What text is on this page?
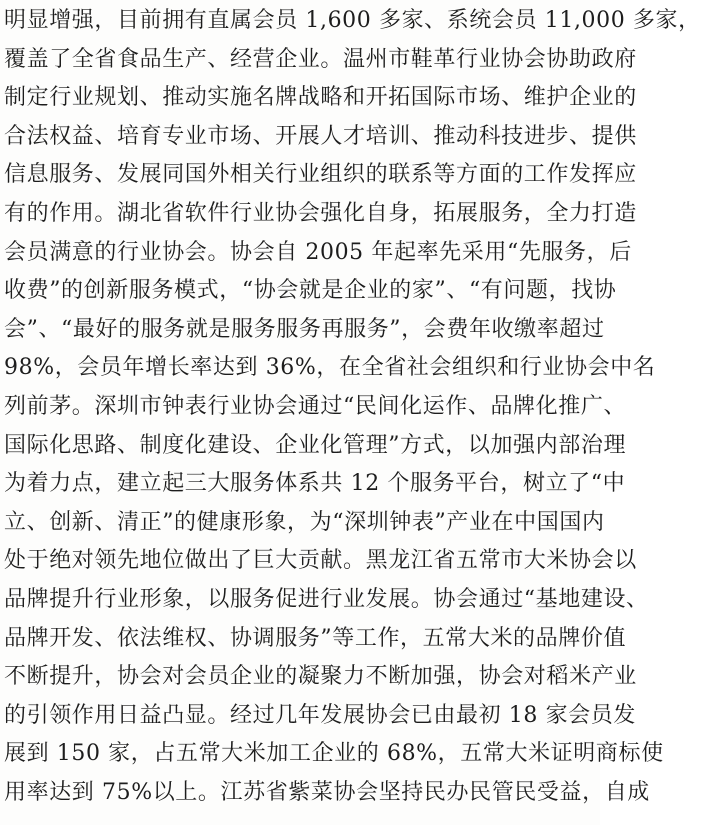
明显增强，目前拥有直属会员 1,600 多家、系统会员 11,000 多家，
覆盖了全省食品生产、经营企业。温州市鞋革行业协会协助政府
制定行业规划、推动实施名牌战略和开拓国际市场、维护企业的
合法权益、培育专业市场、开展人才培训、推动科技进步、提供
信息服务、发展同国外相关行业组织的联系等方面的工作发挥应
有的作用。湖北省软件行业协会强化自身，拓展服务，全力打造
会员满意的行业协会。协会自 2005 年起率先采用“先服务，后
收费”的创新服务模式，“协会就是企业的家”、“有问题，找协
会”、“最好的服务就是服务服务再服务”，会费年收缴率超过
98%，会员年增长率达到 36%，在全省社会组织和行业协会中名
列前茅。深圳市钟表行业协会通过“民间化运作、品牌化推广、
国际化思路、制度化建设、企业化管理”方式，以加强内部治理
为着力点，建立起三大服务体系共 12 个服务平台，树立了“中
立、创新、清正”的健康形象，为“深圳钟表”产业在中国国内
处于绝对领先地位做出了巨大贡献。黑龙江省五常市大米协会以
品牌提升行业形象，以服务促进行业发展。协会通过“基地建设、
品牌开发、依法维权、协调服务”等工作，五常大米的品牌价值
不断提升，协会对会员企业的凝聚力不断加强，协会对稻米产业
的引领作用日益凸显。经过几年发展协会已由最初 18 家会员发
展到 150 家，占五常大米加工企业的 68%，五常大米证明商标使
用率达到 75%以上。江苏省紫菜协会坚持民办民管民受益，自成
